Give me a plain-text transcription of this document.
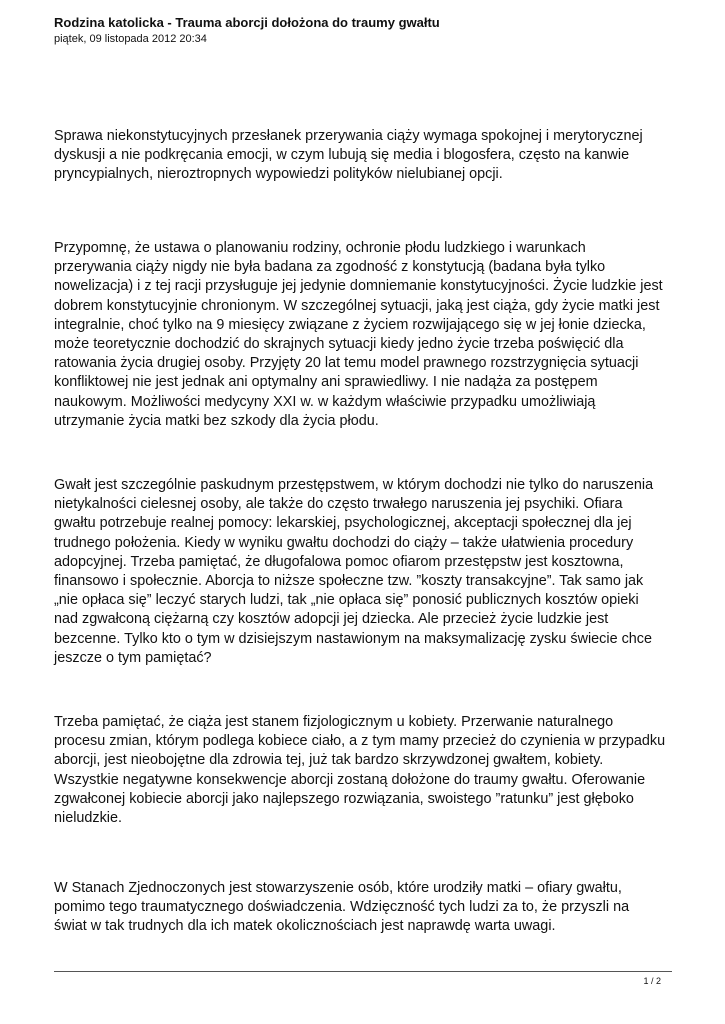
Rodzina katolicka - Trauma aborcji dołożona do traumy gwałtu
piątek, 09 listopada 2012 20:34

Sprawa niekonstytucyjnych przesłanek przerywania ciąży wymaga spokojnej i merytorycznej
dyskusji a nie podkręcania emocji, w czym lubują się media i blogosfera, często na kanwie
pryncypialnych, nieroztropnych wypowiedzi polityków nielubianej opcji.

Przypomnę, że ustawa o planowaniu rodziny, ochronie płodu ludzkiego i warunkach
przerywania ciąży nigdy nie była badana za zgodność z konstytucją (badana była tylko
nowelizacja) i z tej racji przysługuje jej jedynie domniemanie konstytucyjności. Życie ludzkie jest
dobrem konstytucyjnie chronionym. W szczególnej sytuacji, jaką jest ciąża, gdy życie matki jest
integralnie, choć tylko na 9 miesięcy związane z życiem rozwijającego się w jej łonie dziecka,
może teoretycznie dochodzić do skrajnych sytuacji kiedy jedno życie trzeba poświęcić dla
ratowania życia drugiej osoby. Przyjęty 20 lat temu model prawnego rozstrzygnięcia sytuacji
konfliktowej nie jest jednak ani optymalny ani sprawiedliwy. I nie nadąża za postępem
naukowym. Możliwości medycyny XXI w. w każdym właściwie przypadku umożliwiają
utrzymanie życia matki bez szkody dla życia płodu.

Gwałt jest szczególnie paskudnym przestępstwem, w którym dochodzi nie tylko do naruszenia
nietykalności cielesnej osoby, ale także do często trwałego naruszenia jej psychiki. Ofiara
gwałtu potrzebuje realnej pomocy: lekarskiej, psychologicznej, akceptacji społecznej dla jej
trudnego położenia. Kiedy w wyniku gwałtu dochodzi do ciąży – także ułatwienia procedury
adopcyjnej. Trzeba pamiętać, że długofalowa pomoc ofiarom przestępstw jest kosztowna,
finansowo i społecznie. Aborcja to niższe społeczne tzw. ”koszty transakcyjne”. Tak samo jak
„nie opłaca się” leczyć starych ludzi, tak „nie opłaca się” ponosić publicznych kosztów opieki
nad zgwałconą ciężarną czy kosztów adopcji jej dziecka. Ale przecież życie ludzkie jest
bezcenne. Tylko kto o tym w dzisiejszym nastawionym na maksymalizację zysku świecie chce
jeszcze o tym pamiętać?

Trzeba pamiętać, że ciąża jest stanem fizjologicznym u kobiety. Przerwanie naturalnego
procesu zmian, którym podlega kobiece ciało, a z tym mamy przecież do czynienia w przypadku
aborcji, jest nieobojętne dla zdrowia tej, już tak bardzo skrzywdzonej gwałtem, kobiety.
Wszystkie negatywne konsekwencje aborcji zostaną dołożone do traumy gwałtu. Oferowanie
zgwałconej kobiecie aborcji jako najlepszego rozwiązania, swoistego ”ratunku” jest głęboko
nieludzkie.

W Stanach Zjednoczonych jest stowarzyszenie osób, które urodziły matki – ofiary gwałtu,
pomimo tego traumatycznego doświadczenia. Wdzięczność tych ludzi za to, że przyszli na
świat w tak trudnych dla ich matek okolicznościach jest naprawdę warta uwagi.

1 / 2
